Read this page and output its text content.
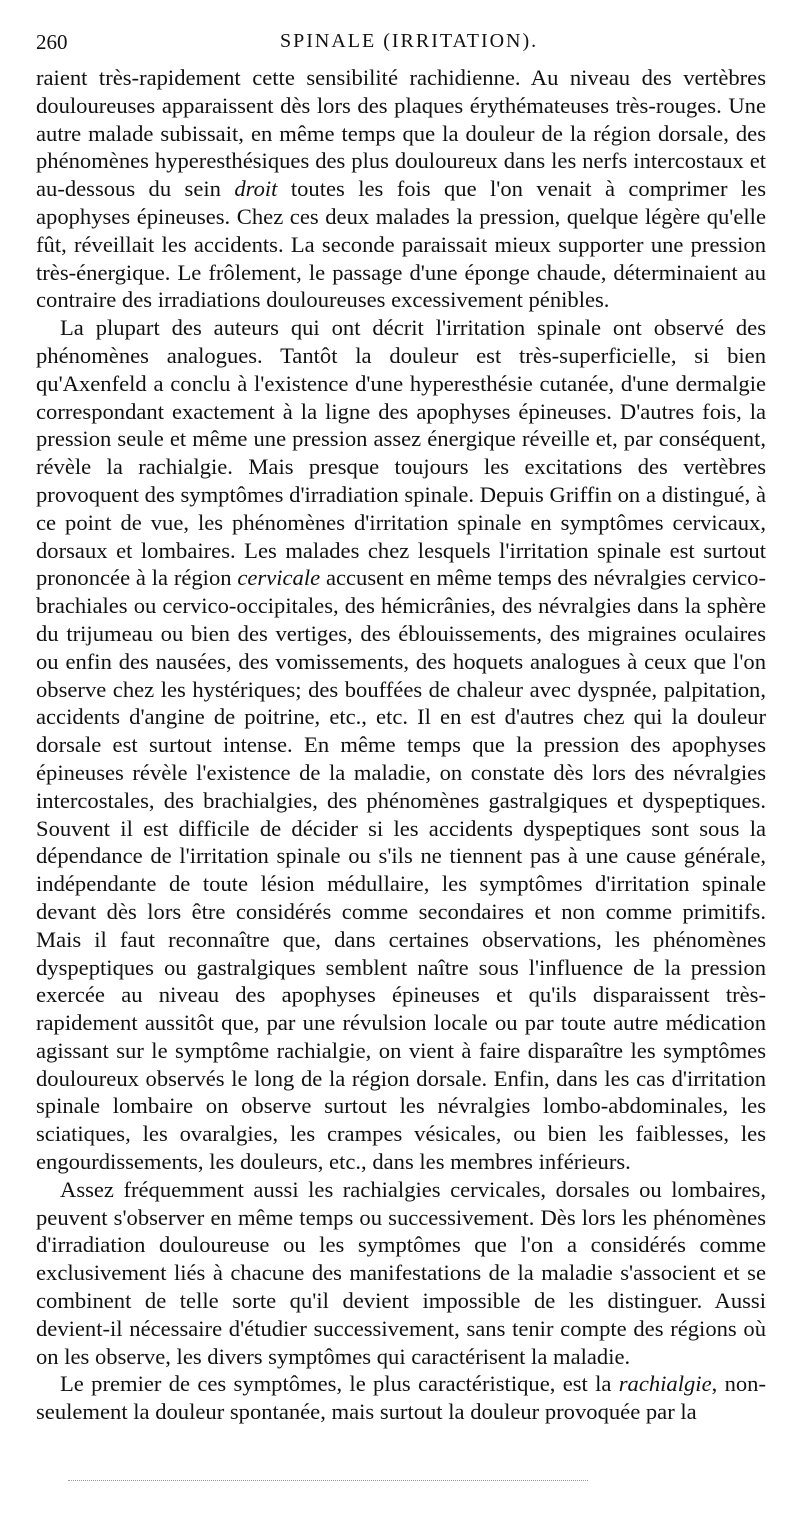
260	SPINALE (IRRITATION).

raient très-rapidement cette sensibilité rachidienne. Au niveau des vertèbres douloureuses apparaissent dès lors des plaques érythémateuses très-rouges. Une autre malade subissait, en même temps que la douleur de la région dorsale, des phénomènes hyperesthésiques des plus douloureux dans les nerfs intercostaux et au-dessous du sein droit toutes les fois que l'on venait à comprimer les apophyses épineuses. Chez ces deux malades la pression, quelque légère qu'elle fût, réveillait les accidents. La seconde paraissait mieux supporter une pression très-énergique. Le frôlement, le passage d'une éponge chaude, déterminaient au contraire des irradiations douloureuses excessivement pénibles.

La plupart des auteurs qui ont décrit l'irritation spinale ont observé des phénomènes analogues. Tantôt la douleur est très-superficielle, si bien qu'Axenfeld a conclu à l'existence d'une hyperesthésie cutanée, d'une dermalgie correspondant exactement à la ligne des apophyses épineuses. D'autres fois, la pression seule et même une pression assez énergique réveille et, par conséquent, révèle la rachialgie. Mais presque toujours les excitations des vertèbres provoquent des symptômes d'irradiation spinale. Depuis Griffin on a distingué, à ce point de vue, les phénomènes d'irritation spinale en symptômes cervicaux, dorsaux et lombaires. Les malades chez lesquels l'irritation spinale est surtout prononcée à la région cervicale accusent en même temps des névralgies cervico-brachiales ou cervico-occipitales, des hémicrânies, des névralgies dans la sphère du trijumeau ou bien des vertiges, des éblouissements, des migraines oculaires ou enfin des nausées, des vomissements, des hoquets analogues à ceux que l'on observe chez les hystériques; des bouffées de chaleur avec dyspnée, palpitation, accidents d'angine de poitrine, etc., etc. Il en est d'autres chez qui la douleur dorsale est surtout intense. En même temps que la pression des apophyses épineuses révèle l'existence de la maladie, on constate dès lors des névralgies intercostales, des brachialgies, des phénomènes gastralgiques et dyspeptiques. Souvent il est difficile de décider si les accidents dyspeptiques sont sous la dépendance de l'irritation spinale ou s'ils ne tiennent pas à une cause générale, indépendante de toute lésion médullaire, les symptômes d'irritation spinale devant dès lors être considérés comme secondaires et non comme primitifs. Mais il faut reconnaître que, dans certaines observations, les phénomènes dyspeptiques ou gastralgiques semblent naître sous l'influence de la pression exercée au niveau des apophyses épineuses et qu'ils disparaissent très-rapidement aussitôt que, par une révulsion locale ou par toute autre médication agissant sur le symptôme rachialgie, on vient à faire disparaître les symptômes douloureux observés le long de la région dorsale. Enfin, dans les cas d'irritation spinale lombaire on observe surtout les névralgies lombo-abdominales, les sciatiques, les ovaralgies, les crampes vésicales, ou bien les faiblesses, les engourdissements, les douleurs, etc., dans les membres inférieurs.

Assez fréquemment aussi les rachialgies cervicales, dorsales ou lombaires, peuvent s'observer en même temps ou successivement. Dès lors les phénomènes d'irradiation douloureuse ou les symptômes que l'on a considérés comme exclusivement liés à chacune des manifestations de la maladie s'associent et se combinent de telle sorte qu'il devient impossible de les distinguer. Aussi devient-il nécessaire d'étudier successivement, sans tenir compte des régions où on les observe, les divers symptômes qui caractérisent la maladie.

Le premier de ces symptômes, le plus caractéristique, est la rachialgie, non-seulement la douleur spontanée, mais surtout la douleur provoquée par la
